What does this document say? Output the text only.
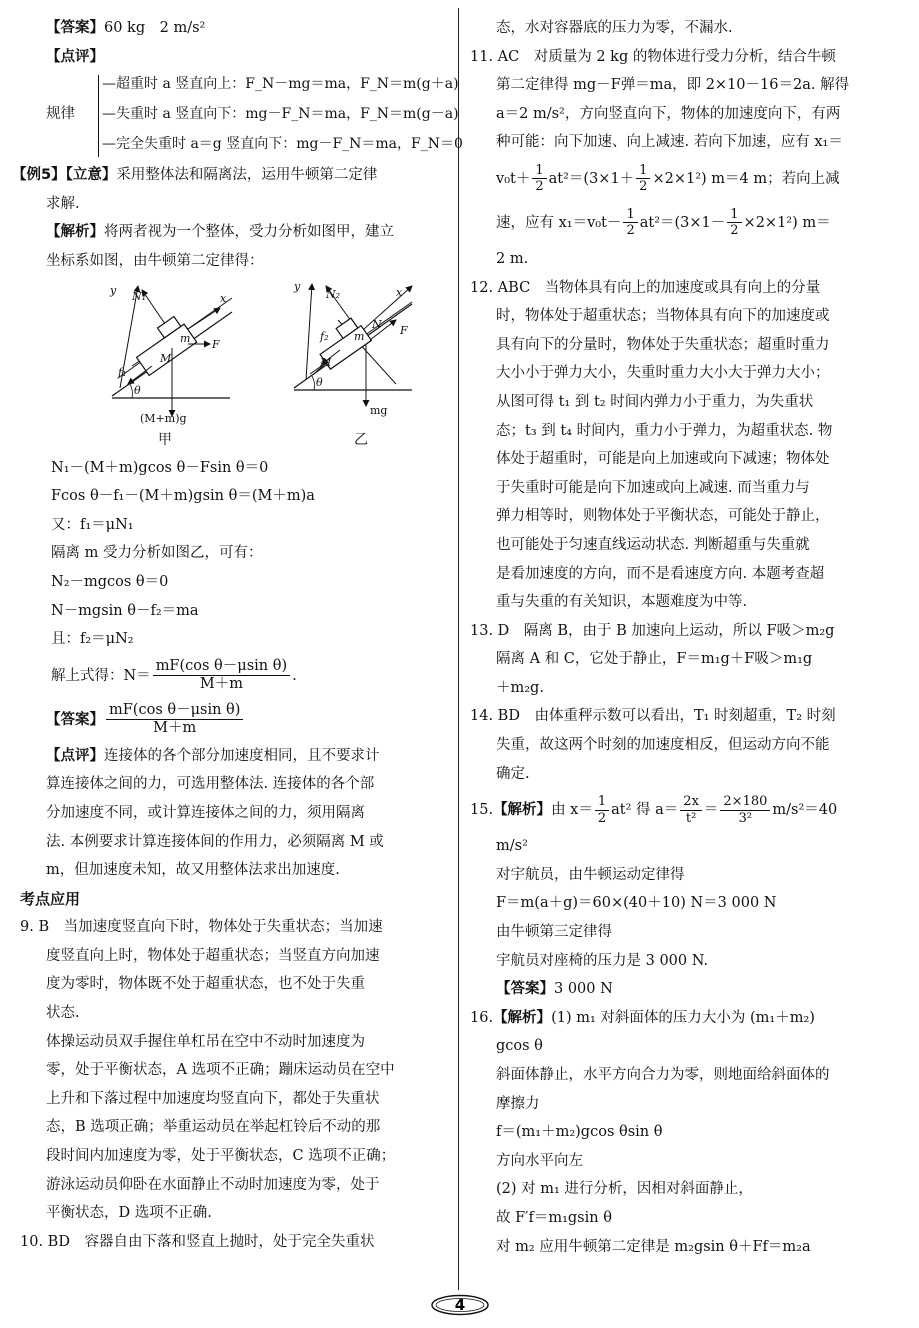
【答案】60 kg　2 m/s²
【点评】
规律
—超重时 a 竖直向上：F_N－mg＝ma，F_N＝m(g＋a)
—失重时 a 竖直向下：mg－F_N＝ma，F_N＝m(g－a)
—完全失重时 a＝g 竖直向下：mg－F_N＝ma，F_N＝0
【例5】【立意】采用整体法和隔离法，运用牛顿第二定律
求解.
【解析】将两者视为一个整体，受力分析如图甲，建立
坐标系如图，由牛顿第二定律得：
y N₁	x
M
m F
f₁
θ
(M+m)g
甲
y
N₂	x
N F
f₂ m
M
θ
mg
乙
N₁－(M＋m)gcos θ－Fsin θ＝0
Fcos θ－f₁－(M＋m)gsin θ＝(M＋m)a
又：f₁＝μN₁
隔离 m 受力分析如图乙，可有：
N₂－mgcos θ＝0
N－mgsin θ－f₂＝ma
且：f₂＝μN₂
解上式得：$N= \frac{\text{mF(cos θ－μsin θ)}}{M+m}$ .
【答案】 $\frac{\text{mF(cos θ－μsin θ)}}{M+m}$
【点评】连接体的各个部分加速度相同，且不要求计
算连接体之间的力，可选用整体法. 连接体的各个部
分加速度不同，或计算连接体之间的力，须用隔离
法. 本例要求计算连接体间的作用力，必须隔离 M 或
m，但加速度未知，故又用整体法求出加速度.
考点应用
9. B　当加速度竖直向下时，物体处于失重状态；当加速
度竖直向上时，物体处于超重状态；当竖直方向加速
度为零时，物体既不处于超重状态，也不处于失重
状态.
体操运动员双手握住单杠吊在空中不动时加速度为
零，处于平衡状态，A 选项不正确；蹦床运动员在空中
上升和下落过程中加速度均竖直向下，都处于失重状
态，B 选项正确；举重运动员在举起杠铃后不动的那
段时间内加速度为零，处于平衡状态，C 选项不正确；
游泳运动员仰卧在水面静止不动时加速度为零，处于
平衡状态，D 选项不正确.
10. BD　容器自由下落和竖直上抛时，处于完全失重状
态，水对容器底的压力为零，不漏水.
11. AC　对质量为 2 kg 的物体进行受力分析，结合牛顿
第二定律得 mg－F弹＝ma，即 2×10－16＝2a. 解得
a＝2 m/s²，方向竖直向下，物体的加速度向下，有两
种可能：向下加速、向上减速. 若向下加速，应有 x₁＝
$v_0t+ \frac{1}{2} at^2=(3\times 1+ \frac{1}{2} \times 2\times 1^2)$ m＝4 m；若向上减
速，应有 $x_1=v_0t- \frac{1}{2} at^2=(3\times 1- \frac{1}{2} \times 2\times 1^2)$ m＝
2 m.
12. ABC　当物体具有向上的加速度或具有向上的分量
时，物体处于超重状态；当物体具有向下的加速度或
具有向下的分量时，物体处于失重状态；超重时重力
大小小于弹力大小，失重时重力大小大于弹力大小；
从图可得 t₁ 到 t₂ 时间内弹力小于重力，为失重状
态；t₃ 到 t₄ 时间内，重力小于弹力，为超重状态. 物
体处于超重时，可能是向上加速或向下减速；物体处
于失重时可能是向下加速或向上减速. 而当重力与
弹力相等时，则物体处于平衡状态，可能处于静止，
也可能处于匀速直线运动状态. 判断超重与失重就
是看加速度的方向，而不是看速度方向. 本题考查超
重与失重的有关知识，本题难度为中等.
13. D　隔离 B，由于 B 加速向上运动，所以 F吸＞m₂g
隔离 A 和 C，它处于静止，F＝m₁g＋F吸＞m₁g
＋m₂g.
14. BD　由体重秤示数可以看出，T₁ 时刻超重，T₂ 时刻
失重，故这两个时刻的加速度相反，但运动方向不能
确定.
15.【解析】由 $x= \frac{1}{2} at^2$ 得 $a= \frac{2x}{\text{t²}} = \frac{2\times 180}{\text{3²}} m/s^2=40$
m/s²
对宇航员，由牛顿运动定律得
F＝m(a＋g)＝60×(40＋10) N＝3 000 N
由牛顿第三定律得
宇航员对座椅的压力是 3 000 N.
【答案】3 000 N
16.【解析】(1) m₁ 对斜面体的压力大小为 (m₁＋m₂)
gcos θ
斜面体静止，水平方向合力为零，则地面给斜面体的
摩擦力
f＝(m₁＋m₂)gcos θsin θ
方向水平向左
(2) 对 m₁ 进行分析，因相对斜面静止，
故 F′f＝m₁gsin θ
对 m₂ 应用牛顿第二定律是 m₂gsin θ＋Ff＝m₂a
4
